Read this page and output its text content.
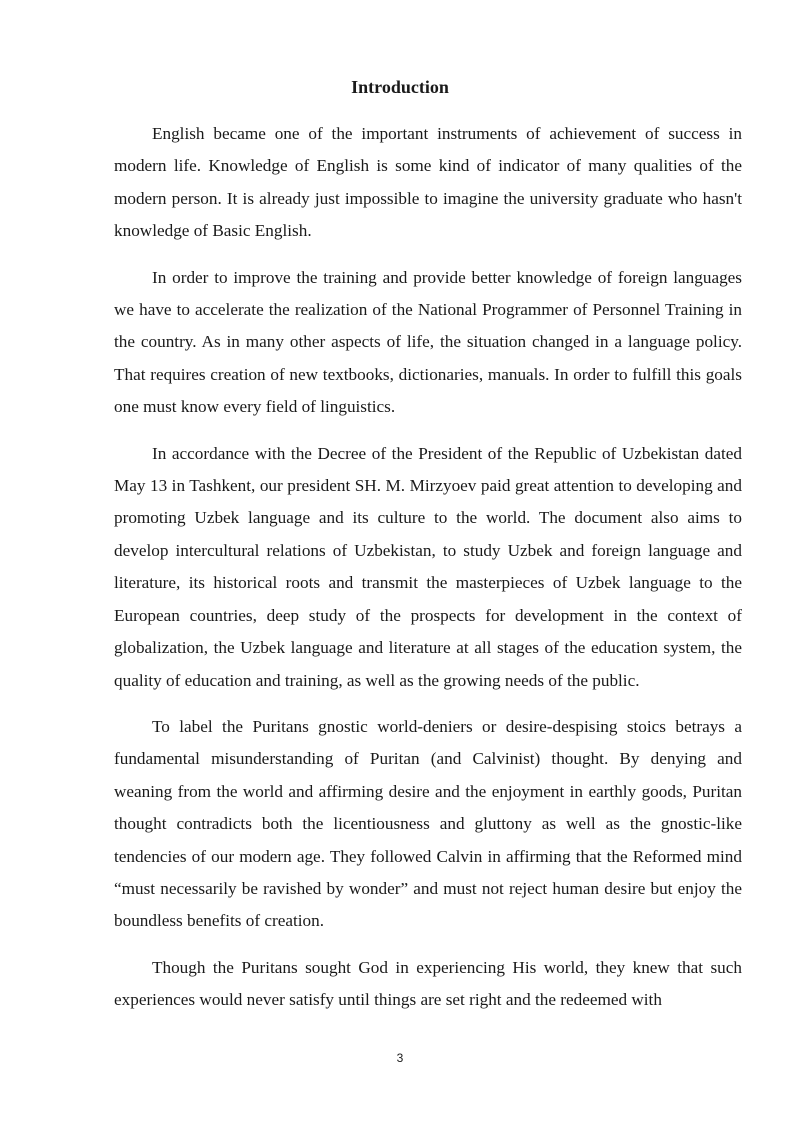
Introduction

English became one of the important instruments of achievement of success in modern life. Knowledge of English is some kind of indicator of many qualities of the modern person. It is already just impossible to imagine the university graduate who hasn't knowledge of Basic English.

In order to improve the training and provide better knowledge of foreign languages we have to accelerate the realization of the National Programmer of Personnel Training in the country. As in many other aspects of life, the situation changed in a language policy. That requires creation of new textbooks, dictionaries, manuals. In order to fulfill this goals one must know every field of linguistics.

In accordance with the Decree of the President of the Republic of Uzbekistan dated May 13 in Tashkent, our president SH. M. Mirzyoev paid great attention to developing and promoting Uzbek language and its culture to the world. The document also aims to develop intercultural relations of Uzbekistan, to study Uzbek and foreign language and literature, its historical roots and transmit the masterpieces of Uzbek language to the European countries, deep study of the prospects for development in the context of globalization, the Uzbek language and literature at all stages of the education system, the quality of education and training, as well as the growing needs of the public.

To label the Puritans gnostic world-deniers or desire-despising stoics betrays a fundamental misunderstanding of Puritan (and Calvinist) thought. By denying and weaning from the world and affirming desire and the enjoyment in earthly goods, Puritan thought contradicts both the licentiousness and gluttony as well as the gnostic-like tendencies of our modern age. They followed Calvin in affirming that the Reformed mind “must necessarily be ravished by wonder” and must not reject human desire but enjoy the boundless benefits of creation.

Though the Puritans sought God in experiencing His world, they knew that such experiences would never satisfy until things are set right and the redeemed with

3
